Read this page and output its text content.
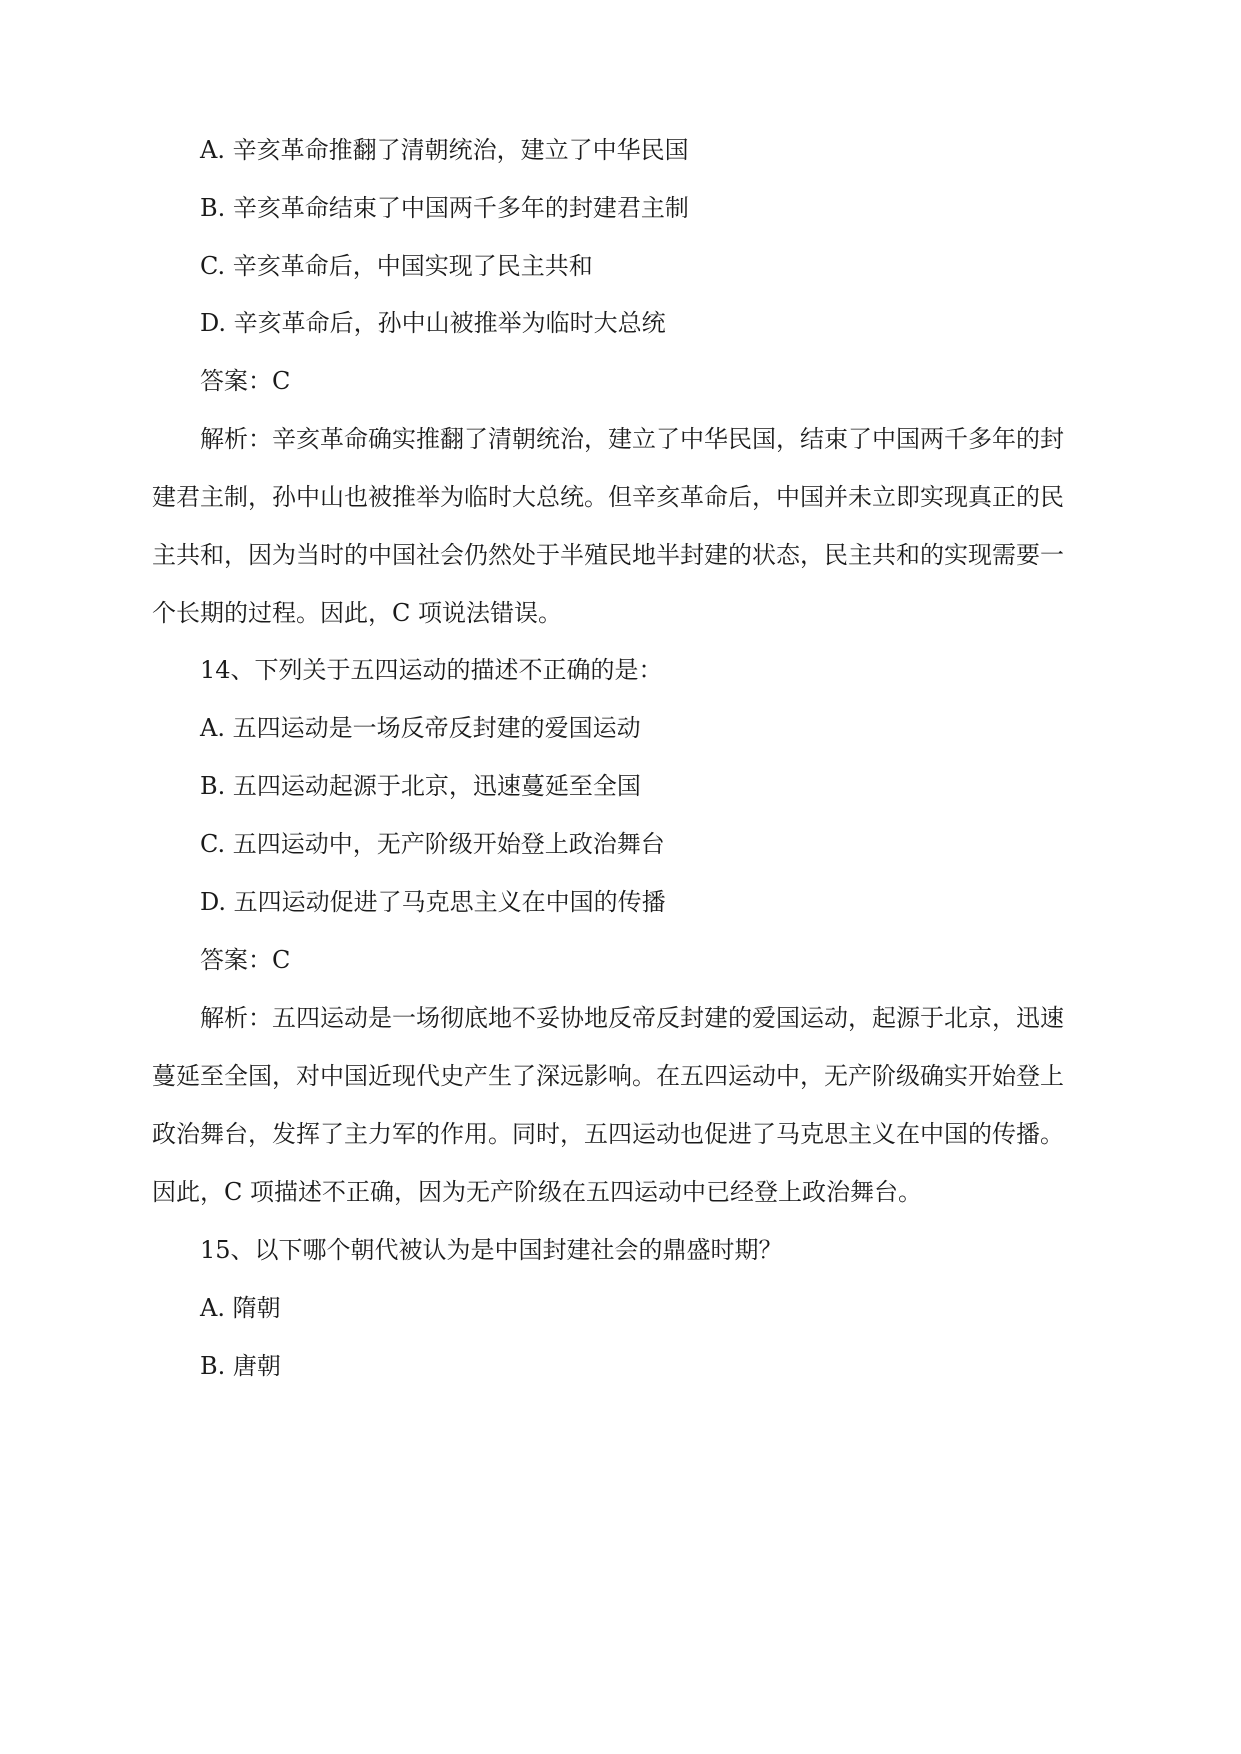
A. 辛亥革命推翻了清朝统治，建立了中华民国
B. 辛亥革命结束了中国两千多年的封建君主制
C. 辛亥革命后，中国实现了民主共和
D. 辛亥革命后，孙中山被推举为临时大总统
答案：C
解析：辛亥革命确实推翻了清朝统治，建立了中华民国，结束了中国两千多年的封
建君主制，孙中山也被推举为临时大总统。但辛亥革命后，中国并未立即实现真正的民
主共和，因为当时的中国社会仍然处于半殖民地半封建的状态，民主共和的实现需要一
个长期的过程。因此，C 项说法错误。
14、下列关于五四运动的描述不正确的是：
A. 五四运动是一场反帝反封建的爱国运动
B. 五四运动起源于北京，迅速蔓延至全国
C. 五四运动中，无产阶级开始登上政治舞台
D. 五四运动促进了马克思主义在中国的传播
答案：C
解析：五四运动是一场彻底地不妥协地反帝反封建的爱国运动，起源于北京，迅速
蔓延至全国，对中国近现代史产生了深远影响。在五四运动中，无产阶级确实开始登上
政治舞台，发挥了主力军的作用。同时，五四运动也促进了马克思主义在中国的传播。
因此，C 项描述不正确，因为无产阶级在五四运动中已经登上政治舞台。
15、以下哪个朝代被认为是中国封建社会的鼎盛时期？
A. 隋朝
B. 唐朝
